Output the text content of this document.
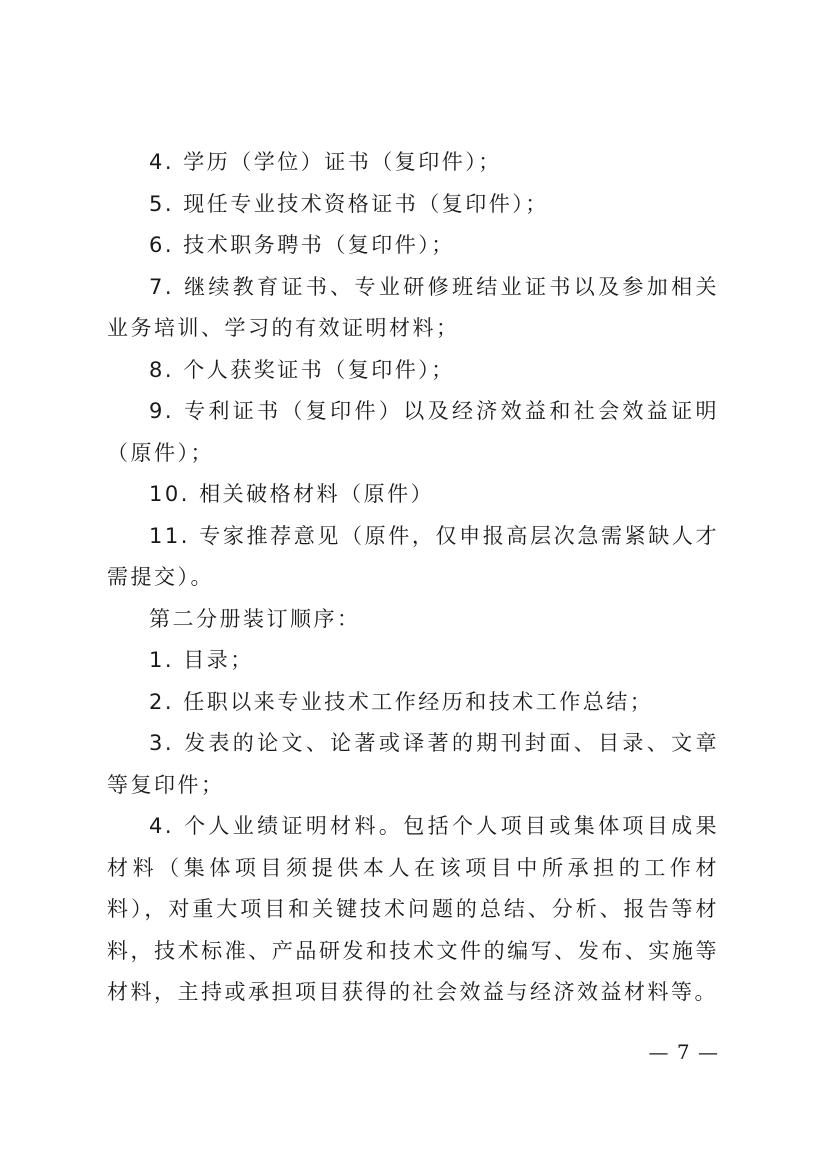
4. 学历（学位）证书（复印件）；

5. 现任专业技术资格证书（复印件）；

6. 技术职务聘书（复印件）；

7. 继续教育证书、专业研修班结业证书以及参加相关业务培训、学习的有效证明材料；

8. 个人获奖证书（复印件）；

9. 专利证书（复印件）以及经济效益和社会效益证明（原件）；

10. 相关破格材料（原件）

11. 专家推荐意见（原件，仅申报高层次急需紧缺人才需提交）。

第二分册装订顺序：

1. 目录；

2. 任职以来专业技术工作经历和技术工作总结；

3. 发表的论文、论著或译著的期刊封面、目录、文章等复印件；

4. 个人业绩证明材料。包括个人项目或集体项目成果材料（集体项目须提供本人在该项目中所承担的工作材料），对重大项目和关键技术问题的总结、分析、报告等材料，技术标准、产品研发和技术文件的编写、发布、实施等材料，主持或承担项目获得的社会效益与经济效益材料等。

— 7 —
